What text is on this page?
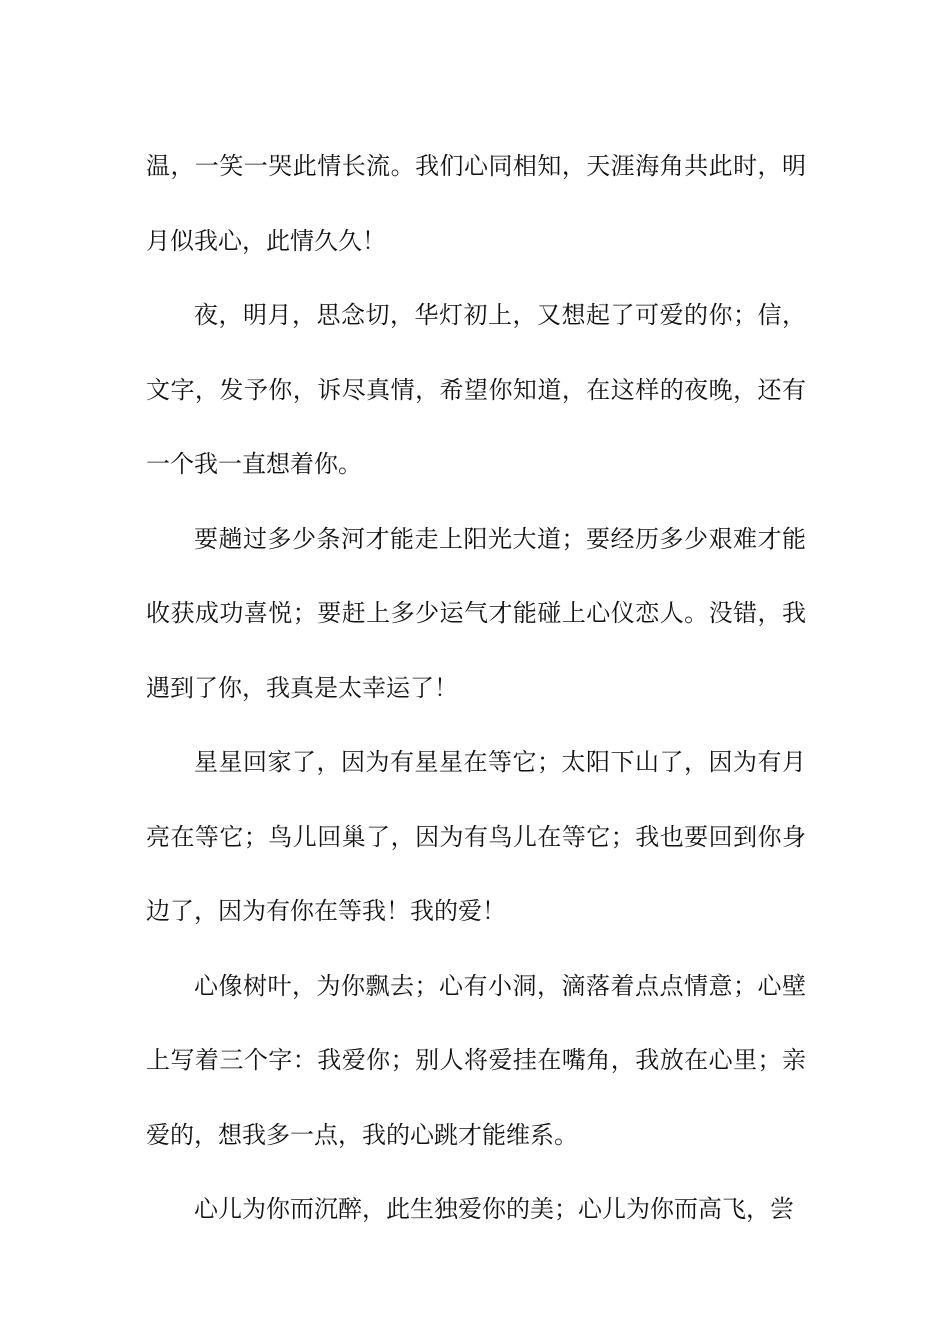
温，一笑一哭此情长流。我们心同相知，天涯海角共此时，明月似我心，此情久久！

夜，明月，思念切，华灯初上，又想起了可爱的你；信，文字，发予你，诉尽真情，希望你知道，在这样的夜晚，还有一个我一直想着你。

要趟过多少条河才能走上阳光大道；要经历多少艰难才能收获成功喜悦；要赶上多少运气才能碰上心仪恋人。没错，我遇到了你，我真是太幸运了！

星星回家了，因为有星星在等它；太阳下山了，因为有月亮在等它；鸟儿回巢了，因为有鸟儿在等它；我也要回到你身边了，因为有你在等我！我的爱！

心像树叶，为你飘去；心有小洞，滴落着点点情意；心壁上写着三个字：我爱你；别人将爱挂在嘴角，我放在心里；亲爱的，想我多一点，我的心跳才能维系。

心儿为你而沉醉，此生独爱你的美；心儿为你而高飞，尝
